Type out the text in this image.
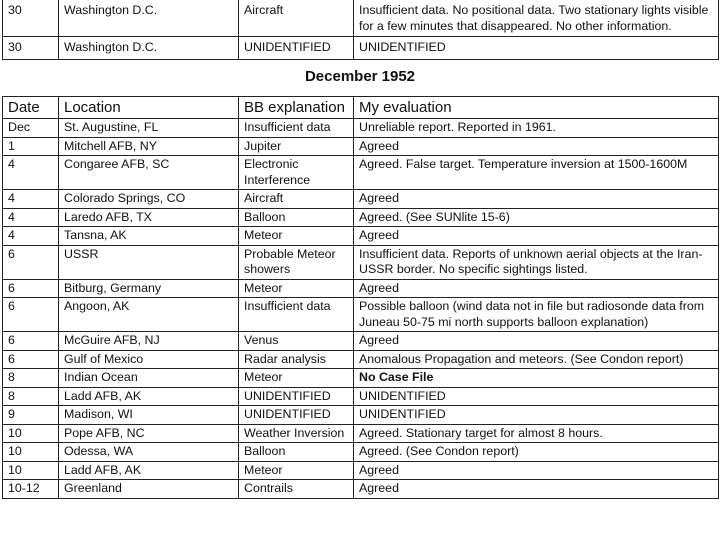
30	Washington D.C.	Aircraft	Insufficient data. No positional data. Two stationary lights visible for a few minutes that disappeared. No other information.
30	Washington D.C.	UNIDENTIFIED	UNIDENTIFIED
December 1952
Date	Location	BB explanation	My evaluation
Dec	St. Augustine, FL	Insufficient data	Unreliable report. Reported in 1961.
1	Mitchell AFB, NY	Jupiter	Agreed
4	Congaree AFB, SC	Electronic Interference	Agreed. False target. Temperature inversion at 1500-1600M
4	Colorado Springs, CO	Aircraft	Agreed
4	Laredo AFB, TX	Balloon	Agreed. (See SUNlite 15-6)
4	Tansna, AK	Meteor	Agreed
6	USSR	Probable Meteor showers	Insufficient data. Reports of unknown aerial objects at the Iran-USSR border. No specific sightings listed.
6	Bitburg, Germany	Meteor	Agreed
6	Angoon, AK	Insufficient data	Possible balloon (wind data not in file but radiosonde data from Juneau 50-75 mi north supports balloon explanation)
6	McGuire AFB, NJ	Venus	Agreed
6	Gulf of Mexico	Radar analysis	Anomalous Propagation and meteors. (See Condon report)
8	Indian Ocean	Meteor	No Case File
8	Ladd AFB, AK	UNIDENTIFIED	UNIDENTIFIED
9	Madison, WI	UNIDENTIFIED	UNIDENTIFIED
10	Pope AFB, NC	Weather Inversion	Agreed. Stationary target for almost 8 hours.
10	Odessa, WA	Balloon	Agreed. (See Condon report)
10	Ladd AFB, AK	Meteor	Agreed
10-12	Greenland	Contrails	Agreed
